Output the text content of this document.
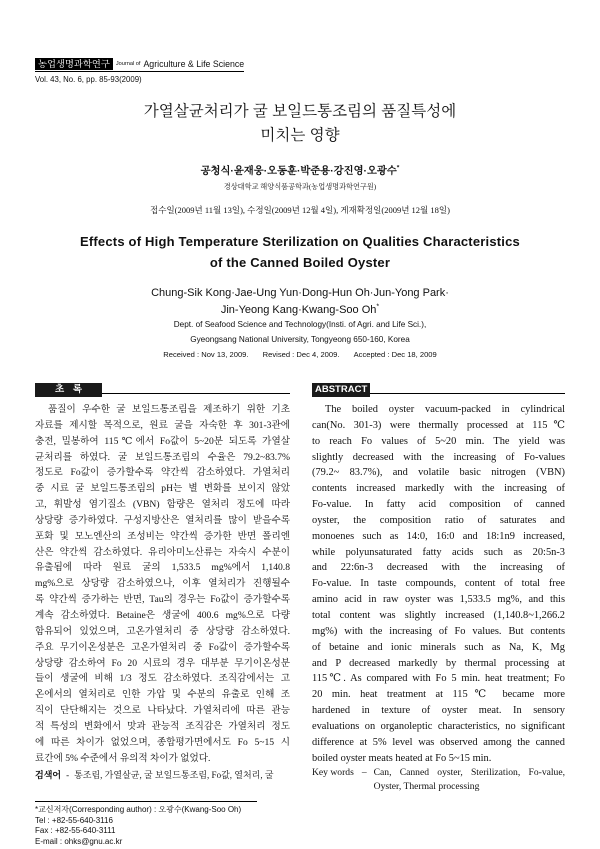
농업생명과학연구	Journal of Agriculture & Life Science
Vol. 43, No. 6, pp. 85-93(2009)
가열살균처리가 굴 보일드통조림의 품질특성에
미치는 영향
공청식·윤재웅·오동훈·박준용·강진영·오광수*
경상대학교 해양식품공학과(농업생명과학연구원)
접수일(2009년 11월 13일), 수정일(2009년 12월 4일), 게재확정일(2009년 12월 18일)
Effects of High Temperature Sterilization on Qualities Characteristics
of the Canned Boiled Oyster
Chung-Sik Kong·Jae-Ung Yun·Dong-Hun Oh·Jun-Yong Park·
Jin-Yeong Kang·Kwang-Soo Oh*
Dept. of Seafood Science and Technology(Insti. of Agri. and Life Sci.),
Gyeongsang National University, Tongyeong 650-160, Korea
Received : Nov 13, 2009. Revised : Dec 4, 2009. Accepted : Dec 18, 2009
초 록	ABSTRACT
품질이 우수한 굴 보일드통조림을 제조하기 위한 기초
자료를 제시할 목적으로, 원료 굴을 자숙한 후 301-3관에
충전, 밀봉하여 115℃에서 Fo값이 5~20분 되도록 가열살
균처리를 하였다. 굴 보일드통조림의 수율은 79.2~83.7%
정도로 Fo값이 증가할수록 약간씩 감소하였다. 가열처리
중 시료 굴 보일드통조림의 pH는 별 변화를 보이지 않았
고, 휘발성 염기질소 (VBN) 함량은 열처리 정도에 따라
상당량 증가하였다. 구성지방산은 열처리를 많이 받을수록
포화 및 모노엔산의 조성비는 약간씩 증가한 반면 폴리엔
산은 약간씩 감소하였다. 유리아미노산류는 자숙시 수분이
유출됨에 따라 원료 굴의 1,533.5 mg%에서 1,140.8
mg%으로 상당량 감소하였으나, 이후 열처리가 진행될수
록 약간씩 증가하는 반면, Tau의 경우는 Fo값이 증가할수록
계속 감소하였다. Betaine은 생굴에 400.6 mg%으로 다량
함유되어 있었으며, 고온가열처리 중 상당량 감소하였다.
주요 무기이온성분은 고온가열처리 중 Fo값이 증가할수록
상당량 감소하여 Fo 20 시료의 경우 대부분 무기이온성분
들이 생굴에 비해 1/3 정도 감소하였다. 조직감에서는 고
온에서의 열처리로 인한 가압 및 수분의 유출로 인해 조
직이 단단해지는 것으로 나타났다. 가열처리에 따른 관능
적 특성의 변화에서 맛과 관능적 조직감은 가열처리 정도
에 따른 차이가 없었으며, 종합평가면에서도 Fo 5~15 시
료간에 5% 수준에서 유의적 차이가 없었다.
검색어 - 통조림, 가열살균, 굴 보일드통조림, Fo값, 열처리, 굴
The boiled oyster vacuum-packed in cylindrical
can(No. 301-3) were thermally processed at 115℃
to reach Fo values of 5~20 min. The yield was
slightly decreased with the increasing of Fo-values
(79.2~ 83.7%), and volatile basic nitrogen (VBN)
contents increased markedly with the increasing of
Fo-value. In fatty acid composition of canned
oyster, the composition ratio of saturates and
monoenes such as 14:0, 16:0 and 18:1n9 increased,
while polyunsaturated fatty acids such as 20:5n-3
and 22:6n-3 decreased with the increasing of
Fo-value. In taste compounds, content of total free
amino acid in raw oyster was 1,533.5 mg%, and this
total content was slightly increased (1,140.8~1,266.2
mg%) with the increasing of Fo values. But contents
of betaine and ionic minerals such as Na, K, Mg
and P decreased markedly by thermal processing at
115℃. As compared with Fo 5 min. heat treatment; Fo
20 min. heat treatment at 115℃ became more
hardened in texture of oyster meat. In sensory
evaluations on organoleptic characteristics, no significant
difference at 5% level was observed among the canned
boiled oyster meats heated at Fo 5~15 min.
Key words – Can, Canned oyster, Sterilization, Fo-value, Oyster, Thermal processing
*교신저자(Corresponding author) : 오광수(Kwang-Soo Oh)
Tel : +82-55-640-3116
Fax : +82-55-640-3111
E-mail : ohks@gnu.ac.kr
